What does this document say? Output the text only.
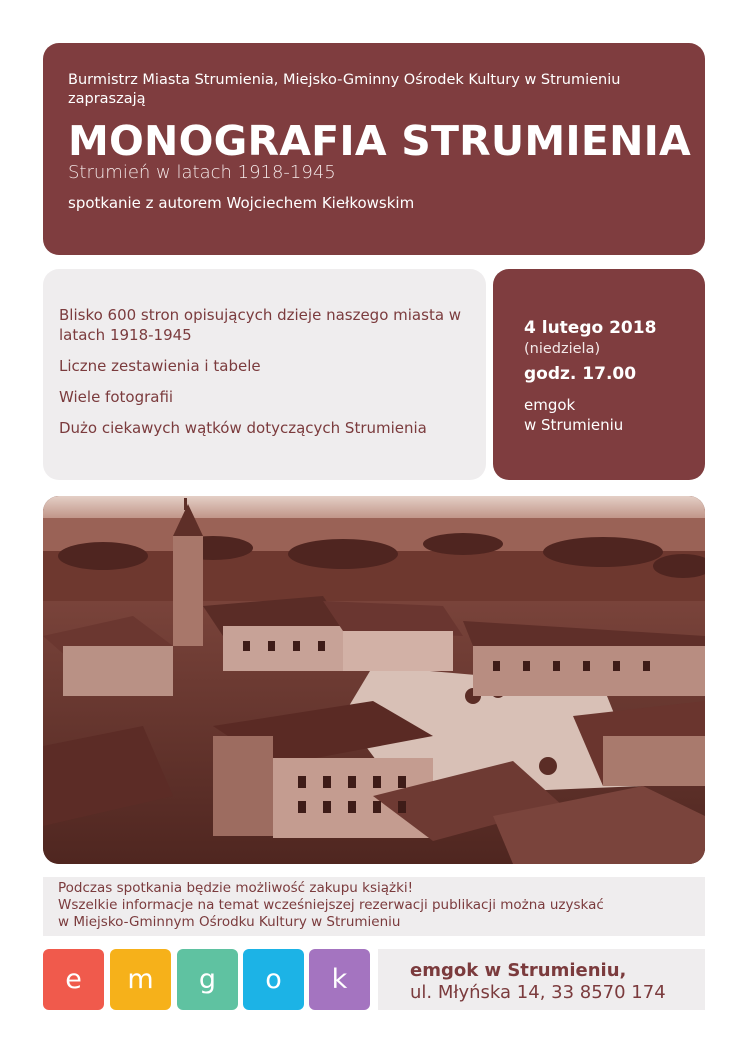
Burmistrz Miasta Strumienia, Miejsko-Gminny Ośrodek Kultury w Strumieniu
zapraszają

MONOGRAFIA STRUMIENIA

Strumień w latach 1918-1945

spotkanie z autorem Wojciechem Kiełkowskim

Blisko 600 stron opisujących dzieje naszego miasta w latach 1918-1945

Liczne zestawienia i tabele

Wiele fotografii

Dużo ciekawych wątków dotyczących Strumienia

4 lutego 2018

(niedziela)

godz. 17.00

emgok

w Strumieniu

Podczas spotkania będzie możliwość zakupu książki!

Wszelkie informacje na temat wcześniejszej rezerwacji publikacji można uzyskać

w Miejsko-Gminnym Ośrodku Kultury w Strumieniu

e	m	g	o	k	emgok w Strumieniu,

ul. Młyńska 14, 33 8570 174
